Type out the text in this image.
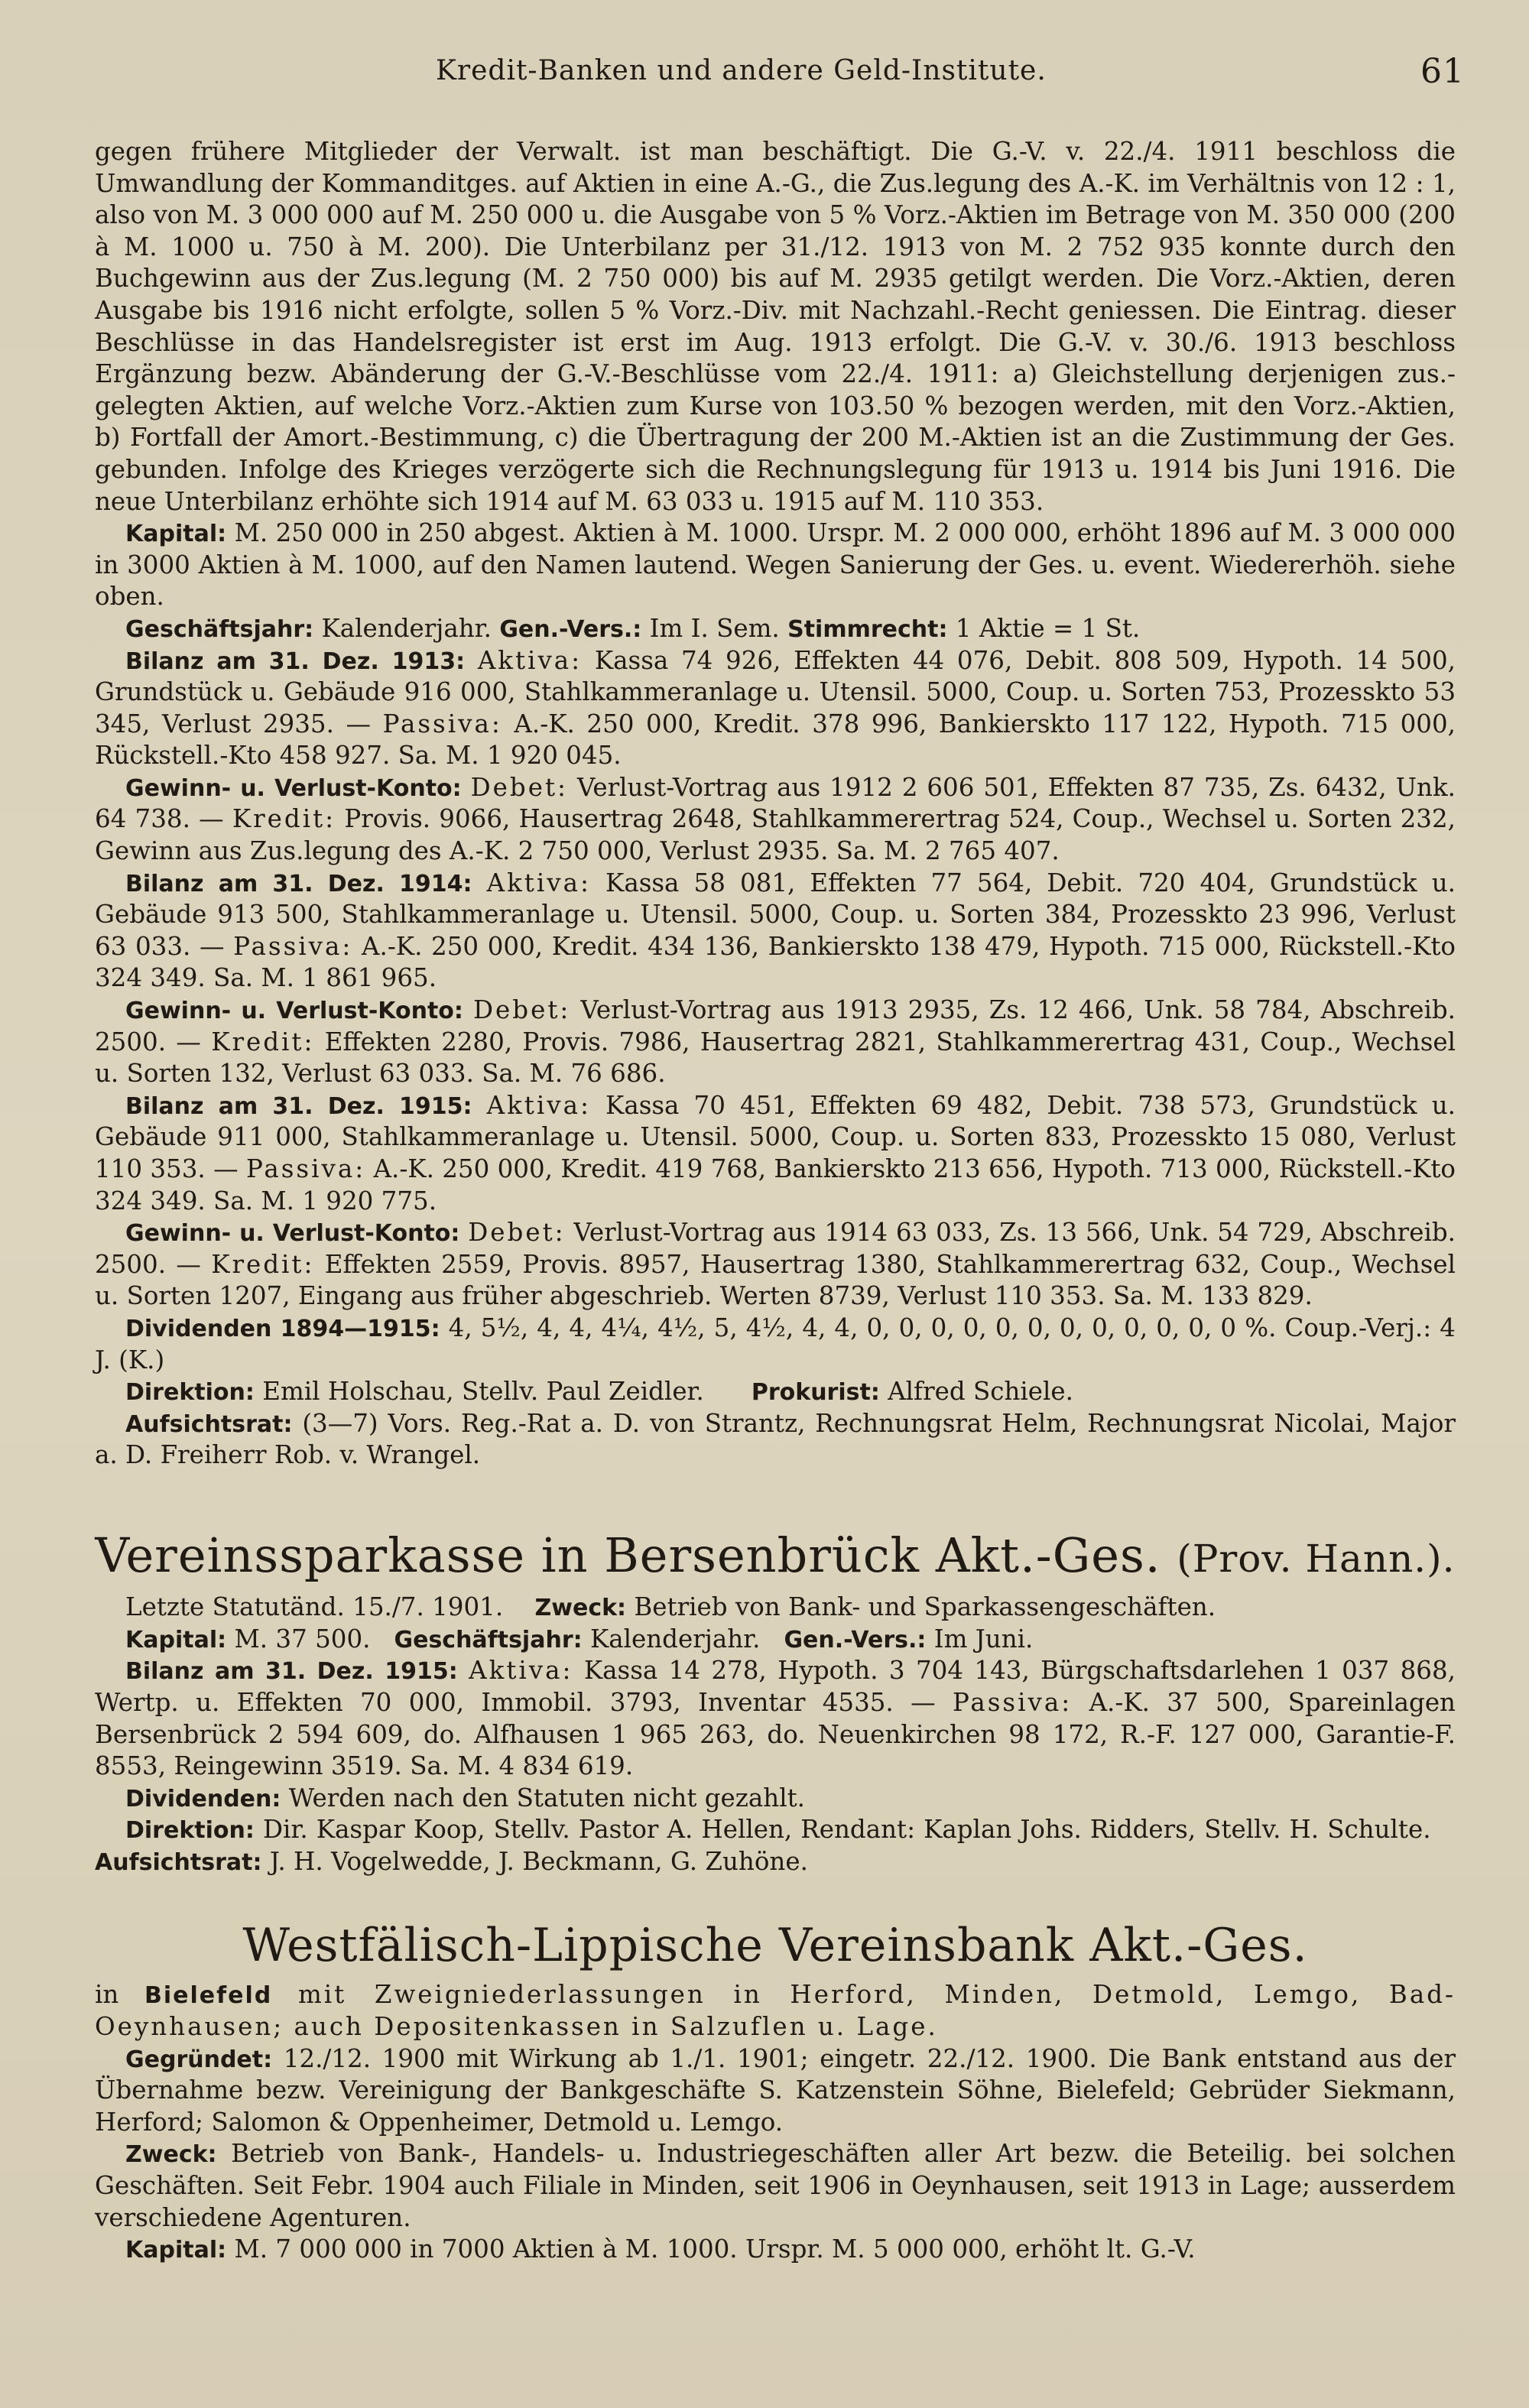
Kredit-Banken und andere Geld-Institute.	61

gegen frühere Mitglieder der Verwalt. ist man beschäftigt. Die G.-V. v. 22./4. 1911 beschloss die Umwandlung der Kommanditges. auf Aktien in eine A.-G., die Zus.legung des A.-K. im Verhältnis von 12 : 1, also von M. 3 000 000 auf M. 250 000 u. die Ausgabe von 5 % Vorz.-Aktien im Betrage von M. 350 000 (200 à M. 1000 u. 750 à M. 200). Die Unterbilanz per 31./12. 1913 von M. 2 752 935 konnte durch den Buchgewinn aus der Zus.legung (M. 2 750 000) bis auf M. 2935 getilgt werden. Die Vorz.-Aktien, deren Ausgabe bis 1916 nicht erfolgte, sollen 5 % Vorz.-Div. mit Nachzahl.-Recht geniessen. Die Eintrag. dieser Beschlüsse in das Handelsregister ist erst im Aug. 1913 erfolgt. Die G.-V. v. 30./6. 1913 beschloss Ergänzung bezw. Abänderung der G.-V.-Beschlüsse vom 22./4. 1911: a) Gleichstellung derjenigen zus.-gelegten Aktien, auf welche Vorz.-Aktien zum Kurse von 103.50 % bezogen werden, mit den Vorz.-Aktien, b) Fortfall der Amort.-Bestimmung, c) die Übertragung der 200 M.-Aktien ist an die Zustimmung der Ges. gebunden. Infolge des Krieges verzögerte sich die Rechnungslegung für 1913 u. 1914 bis Juni 1916. Die neue Unterbilanz erhöhte sich 1914 auf M. 63 033 u. 1915 auf M. 110 353.

Kapital: M. 250 000 in 250 abgest. Aktien à M. 1000. Urspr. M. 2 000 000, erhöht 1896 auf M. 3 000 000 in 3000 Aktien à M. 1000, auf den Namen lautend. Wegen Sanierung der Ges. u. event. Wiedererhöh. siehe oben.

Geschäftsjahr: Kalenderjahr. Gen.-Vers.: Im I. Sem. Stimmrecht: 1 Aktie = 1 St.

Bilanz am 31. Dez. 1913: Aktiva: Kassa 74 926, Effekten 44 076, Debit. 808 509, Hypoth. 14 500, Grundstück u. Gebäude 916 000, Stahlkammeranlage u. Utensil. 5000, Coup. u. Sorten 753, Prozesskto 53 345, Verlust 2935. — Passiva: A.-K. 250 000, Kredit. 378 996, Bankierskto 117 122, Hypoth. 715 000, Rückstell.-Kto 458 927. Sa. M. 1 920 045.

Gewinn- u. Verlust-Konto: Debet: Verlust-Vortrag aus 1912 2 606 501, Effekten 87 735, Zs. 6432, Unk. 64 738. — Kredit: Provis. 9066, Hausertrag 2648, Stahlkammerertrag 524, Coup., Wechsel u. Sorten 232, Gewinn aus Zus.legung des A.-K. 2 750 000, Verlust 2935. Sa. M. 2 765 407.

Bilanz am 31. Dez. 1914: Aktiva: Kassa 58 081, Effekten 77 564, Debit. 720 404, Grundstück u. Gebäude 913 500, Stahlkammeranlage u. Utensil. 5000, Coup. u. Sorten 384, Prozesskto 23 996, Verlust 63 033. — Passiva: A.-K. 250 000, Kredit. 434 136, Bankierskto 138 479, Hypoth. 715 000, Rückstell.-Kto 324 349. Sa. M. 1 861 965.

Gewinn- u. Verlust-Konto: Debet: Verlust-Vortrag aus 1913 2935, Zs. 12 466, Unk. 58 784, Abschreib. 2500. — Kredit: Effekten 2280, Provis. 7986, Hausertrag 2821, Stahlkammerertrag 431, Coup., Wechsel u. Sorten 132, Verlust 63 033. Sa. M. 76 686.

Bilanz am 31. Dez. 1915: Aktiva: Kassa 70 451, Effekten 69 482, Debit. 738 573, Grundstück u. Gebäude 911 000, Stahlkammeranlage u. Utensil. 5000, Coup. u. Sorten 833, Prozesskto 15 080, Verlust 110 353. — Passiva: A.-K. 250 000, Kredit. 419 768, Bankierskto 213 656, Hypoth. 713 000, Rückstell.-Kto 324 349. Sa. M. 1 920 775.

Gewinn- u. Verlust-Konto: Debet: Verlust-Vortrag aus 1914 63 033, Zs. 13 566, Unk. 54 729, Abschreib. 2500. — Kredit: Effekten 2559, Provis. 8957, Hausertrag 1380, Stahlkammerertrag 632, Coup., Wechsel u. Sorten 1207, Eingang aus früher abgeschrieb. Werten 8739, Verlust 110 353. Sa. M. 133 829.

Dividenden 1894—1915: 4, 5½, 4, 4, 4¼, 4½, 5, 4½, 4, 4, 0, 0, 0, 0, 0, 0, 0, 0, 0, 0, 0, 0 %. Coup.-Verj.: 4 J. (K.)

Direktion: Emil Holschau, Stellv. Paul Zeidler. Prokurist: Alfred Schiele.

Aufsichtsrat: (3—7) Vors. Reg.-Rat a. D. von Strantz, Rechnungsrat Helm, Rechnungsrat Nicolai, Major a. D. Freiherr Rob. v. Wrangel.

Vereinssparkasse in Bersenbrück Akt.-Ges. (Prov. Hann.).

Letzte Statutänd. 15./7. 1901. Zweck: Betrieb von Bank- und Sparkassengeschäften.

Kapital: M. 37 500. Geschäftsjahr: Kalenderjahr. Gen.-Vers.: Im Juni.

Bilanz am 31. Dez. 1915: Aktiva: Kassa 14 278, Hypoth. 3 704 143, Bürgschaftsdarlehen 1 037 868, Wertp. u. Effekten 70 000, Immobil. 3793, Inventar 4535. — Passiva: A.-K. 37 500, Spareinlagen Bersenbrück 2 594 609, do. Alfhausen 1 965 263, do. Neuenkirchen 98 172, R.-F. 127 000, Garantie-F. 8553, Reingewinn 3519. Sa. M. 4 834 619.

Dividenden: Werden nach den Statuten nicht gezahlt.

Direktion: Dir. Kaspar Koop, Stellv. Pastor A. Hellen, Rendant: Kaplan Johs. Ridders, Stellv. H. Schulte.    Aufsichtsrat: J. H. Vogelwedde, J. Beckmann, G. Zuhöne.

Westfälisch-Lippische Vereinsbank Akt.-Ges.

in Bielefeld mit Zweigniederlassungen in Herford, Minden, Detmold, Lemgo, Bad-Oeynhausen; auch Depositenkassen in Salzuflen u. Lage.

Gegründet: 12./12. 1900 mit Wirkung ab 1./1. 1901; eingetr. 22./12. 1900. Die Bank entstand aus der Übernahme bezw. Vereinigung der Bankgeschäfte S. Katzenstein Söhne, Bielefeld; Gebrüder Siekmann, Herford; Salomon & Oppenheimer, Detmold u. Lemgo.

Zweck: Betrieb von Bank-, Handels- u. Industriegeschäften aller Art bezw. die Beteilig. bei solchen Geschäften. Seit Febr. 1904 auch Filiale in Minden, seit 1906 in Oeynhausen, seit 1913 in Lage; ausserdem verschiedene Agenturen.

Kapital: M. 7 000 000 in 7000 Aktien à M. 1000. Urspr. M. 5 000 000, erhöht lt. G.-V.
